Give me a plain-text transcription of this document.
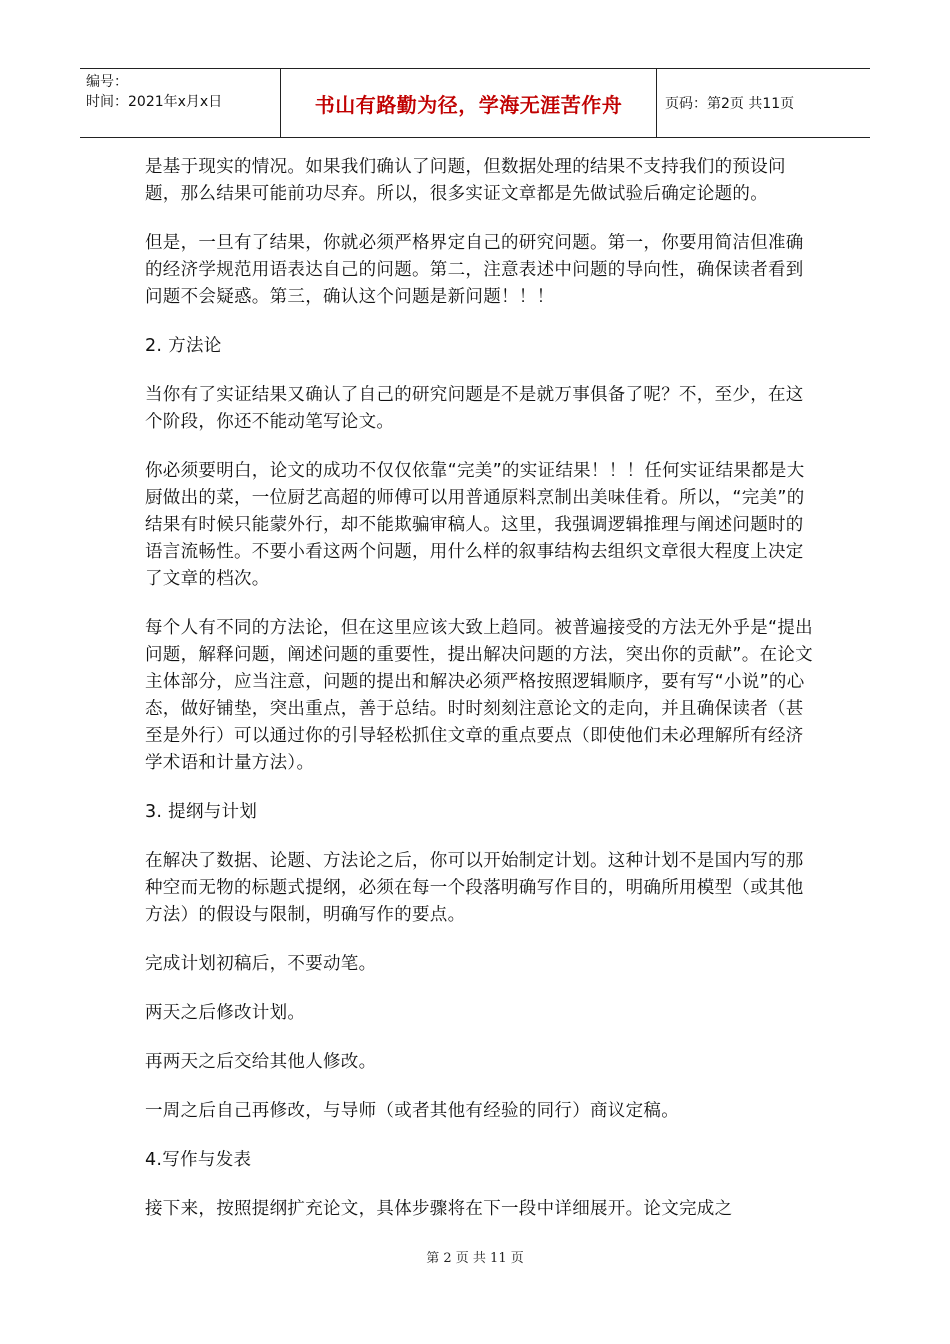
编号：
时间：2021年x月x日	书山有路勤为径，学海无涯苦作舟	页码：第2页 共11页

是基于现实的情况。如果我们确认了问题，但数据处理的结果不支持我们的预设问题，那么结果可能前功尽弃。所以，很多实证文章都是先做试验后确定论题的。

但是，一旦有了结果，你就必须严格界定自己的研究问题。第一，你要用简洁但准确的经济学规范用语表达自己的问题。第二，注意表述中问题的导向性，确保读者看到问题不会疑惑。第三，确认这个问题是新问题！！！

2. 方法论

当你有了实证结果又确认了自己的研究问题是不是就万事俱备了呢？不，至少，在这个阶段，你还不能动笔写论文。

你必须要明白，论文的成功不仅仅依靠“完美”的实证结果！！！任何实证结果都是大厨做出的菜，一位厨艺高超的师傅可以用普通原料烹制出美味佳肴。所以，“完美”的结果有时候只能蒙外行，却不能欺骗审稿人。这里，我强调逻辑推理与阐述问题时的语言流畅性。不要小看这两个问题，用什么样的叙事结构去组织文章很大程度上决定了文章的档次。

每个人有不同的方法论，但在这里应该大致上趋同。被普遍接受的方法无外乎是“提出问题，解释问题，阐述问题的重要性，提出解决问题的方法，突出你的贡献”。在论文主体部分，应当注意，问题的提出和解决必须严格按照逻辑顺序，要有写“小说”的心态，做好铺垫，突出重点，善于总结。时时刻刻注意论文的走向，并且确保读者（甚至是外行）可以通过你的引导轻松抓住文章的重点要点（即使他们未必理解所有经济学术语和计量方法）。

3. 提纲与计划

在解决了数据、论题、方法论之后，你可以开始制定计划。这种计划不是国内写的那种空而无物的标题式提纲，必须在每一个段落明确写作目的，明确所用模型（或其他方法）的假设与限制，明确写作的要点。

完成计划初稿后，不要动笔。

两天之后修改计划。

再两天之后交给其他人修改。

一周之后自己再修改，与导师（或者其他有经验的同行）商议定稿。

4.写作与发表

接下来，按照提纲扩充论文，具体步骤将在下一段中详细展开。论文完成之

第 2 页 共 11 页
